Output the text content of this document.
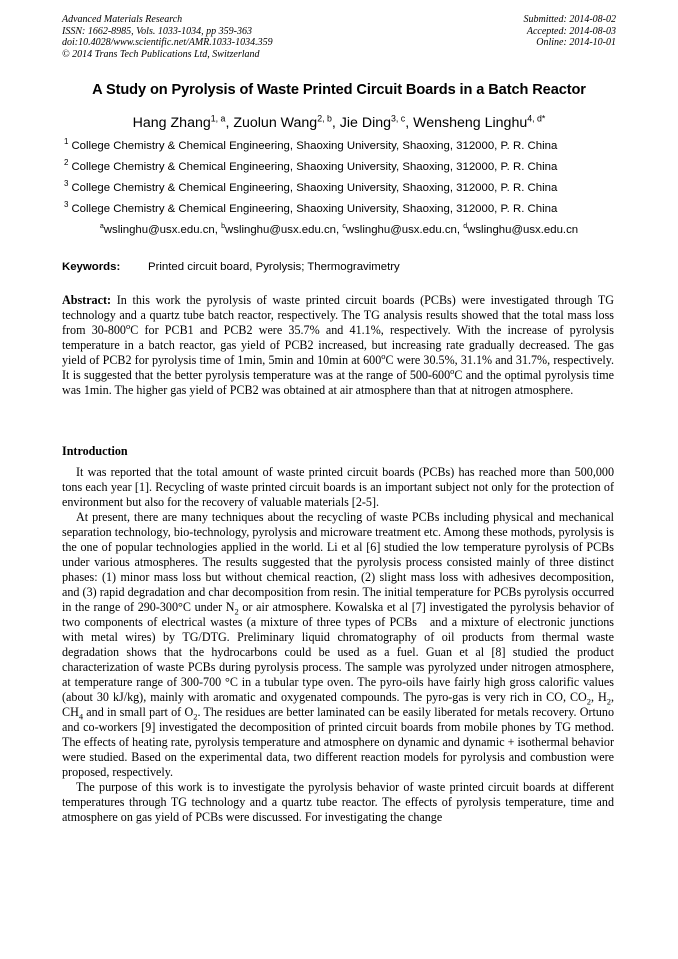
Advanced Materials Research
ISSN: 1662-8985, Vols. 1033-1034, pp 359-363
doi:10.4028/www.scientific.net/AMR.1033-1034.359
© 2014 Trans Tech Publications Ltd, Switzerland
Submitted: 2014-08-02
Accepted: 2014-08-03
Online: 2014-10-01
A Study on Pyrolysis of Waste Printed Circuit Boards in a Batch Reactor
Hang Zhang$^{1, a}$, Zuolun Wang$^{2, b}$, Jie Ding$^{3, c}$, Wensheng Linghu$^{4, d*}$
$^1$ College Chemistry & Chemical Engineering, Shaoxing University, Shaoxing, 312000, P. R. China
$^2$ College Chemistry & Chemical Engineering, Shaoxing University, Shaoxing, 312000, P. R. China
$^3$ College Chemistry & Chemical Engineering, Shaoxing University, Shaoxing, 312000, P. R. China
$^3$ College Chemistry & Chemical Engineering, Shaoxing University, Shaoxing, 312000, P. R. China
$^a$wslinghu@usx.edu.cn, $^b$wslinghu@usx.edu.cn, $^c$wslinghu@usx.edu.cn, $^d$wslinghu@usx.edu.cn
Keywords: Printed circuit board, Pyrolysis; Thermogravimetry

Abstract: In this work the pyrolysis of waste printed circuit boards (PCBs) were investigated through TG technology and a quartz tube batch reactor, respectively. The TG analysis results showed that the total mass loss from 30-800$^o$C for PCB1 and PCB2 were 35.7% and 41.1%, respectively. With the increase of pyrolysis temperature in a batch reactor, gas yield of PCB2 increased, but increasing rate gradually decreased. The gas yield of PCB2 for pyrolysis time of 1min, 5min and 10min at 600$^o$C were 30.5%, 31.1% and 31.7%, respectively. It is suggested that the better pyrolysis temperature was at the range of 500-600$^o$C and the optimal pyrolysis time was 1min. The higher gas yield of PCB2 was obtained at air atmosphere than that at nitrogen atmosphere.

Introduction

It was reported that the total amount of waste printed circuit boards (PCBs) has reached more than 500,000 tons each year [1]. Recycling of waste printed circuit boards is an important subject not only for the protection of environment but also for the recovery of valuable materials [2-5].

At present, there are many techniques about the recycling of waste PCBs including physical and mechanical separation technology, bio-technology, pyrolysis and microware treatment etc. Among these mothods, pyrolysis is the one of popular technologies applied in the world. Li et al [6] studied the low temperature pyrolysis of PCBs under various atmospheres. The results suggested that the pyrolysis process consisted mainly of three distinct phases: (1) minor mass loss but without chemical reaction, (2) slight mass loss with adhesives decomposition, and (3) rapid degradation and char decomposition from resin. The initial temperature for PCBs pyrolysis occurred in the range of 290-300°C under $N_2$ or air atmosphere. Kowalska et al [7] investigated the pyrolysis behavior of two components of electrical wastes (a mixture of three types of PCBs   and a mixture of electronic junctions with metal wires) by TG/DTG. Preliminary liquid chromatography of oil products from thermal waste degradation shows that the hydrocarbons could be used as a fuel. Guan et al [8] studied the product characterization of waste PCBs during pyrolysis process. The sample was pyrolyzed under nitrogen atmosphere, at temperature range of 300-700 °C in a tubular type oven. The pyro-oils have fairly high gross calorific values (about 30 kJ/kg), mainly with aromatic and oxygenated compounds. The pyro-gas is very rich in CO, $CO_2$, $H_2$, $CH_4$ and in small part of $O_2$. The residues are better laminated can be easily liberated for metals recovery. Ortuno and co-workers [9] investigated the decomposition of printed circuit boards from mobile phones by TG method. The effects of heating rate, pyrolysis temperature and atmosphere on dynamic and dynamic + isothermal behavior were studied. Based on the experimental data, two different reaction models for pyrolysis and combustion were proposed, respectively.

The purpose of this work is to investigate the pyrolysis behavior of waste printed circuit boards at different temperatures through TG technology and a quartz tube reactor. The effects of pyrolysis temperature, time and atmosphere on gas yield of PCBs were discussed. For investigating the change
